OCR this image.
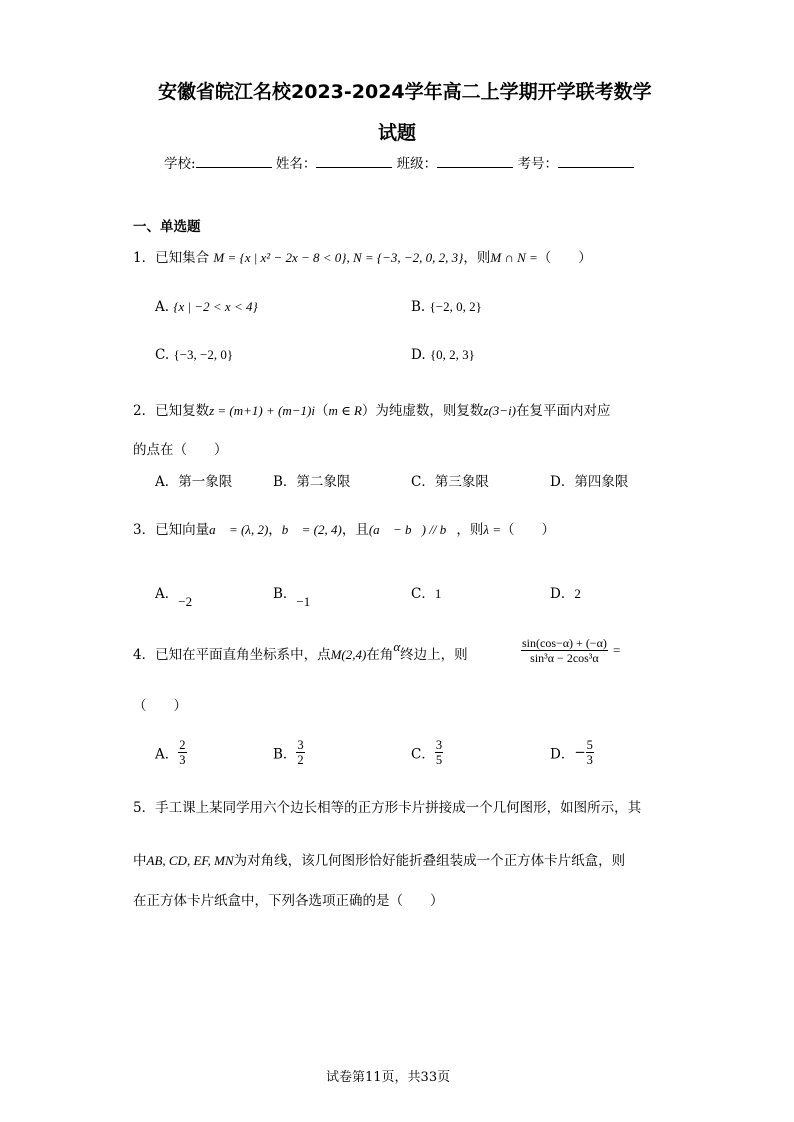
安徽省皖江名校2023-2024学年高二上学期开学联考数学
试题
学校:	姓名：	班级：	考号：
一、单选题
1．已知集合 M = {x | x² − 2x − 8 < 0}, N = {−3, −2, 0, 2, 3}，则M ∩ N =（　　）
A. {x | −2 < x < 4}	B. {−2, 0, 2}
C. {−3, −2, 0}	D. {0, 2, 3}
2．已知复数z = (m+1) + (m−1)i（m ∈ R）为纯虚数，则复数z(3−i)在复平面内对应
的点在（　　）
A．第一象限	B．第二象限	C．第三象限	D．第四象限
3．已知向量a⃗ = (λ, 2)，b⃗ = (2, 4)，且(a⃗ − b⃗) // b⃗，则λ =（　　）
A．−2	B．−1	C．1	D．2
4．已知在平面直角坐标系中，点M(2,4)在角α终边上，则	$\frac{\sin(\cos-\alpha) + (-\alpha)}{\text{sin³α − 2cos³α}}$ =
（　　）
A． $\frac{2}{3}$	B． $\frac{3}{2}$	C． $\frac{3}{5}$	D．− $\frac{5}{3}$
5．手工课上某同学用六个边长相等的正方形卡片拼接成一个几何图形，如图所示，其
中AB, CD, EF, MN为对角线，该几何图形恰好能折叠组装成一个正方体卡片纸盒，则
在正方体卡片纸盒中，下列各选项正确的是（　　）
试卷第11页，共33页
